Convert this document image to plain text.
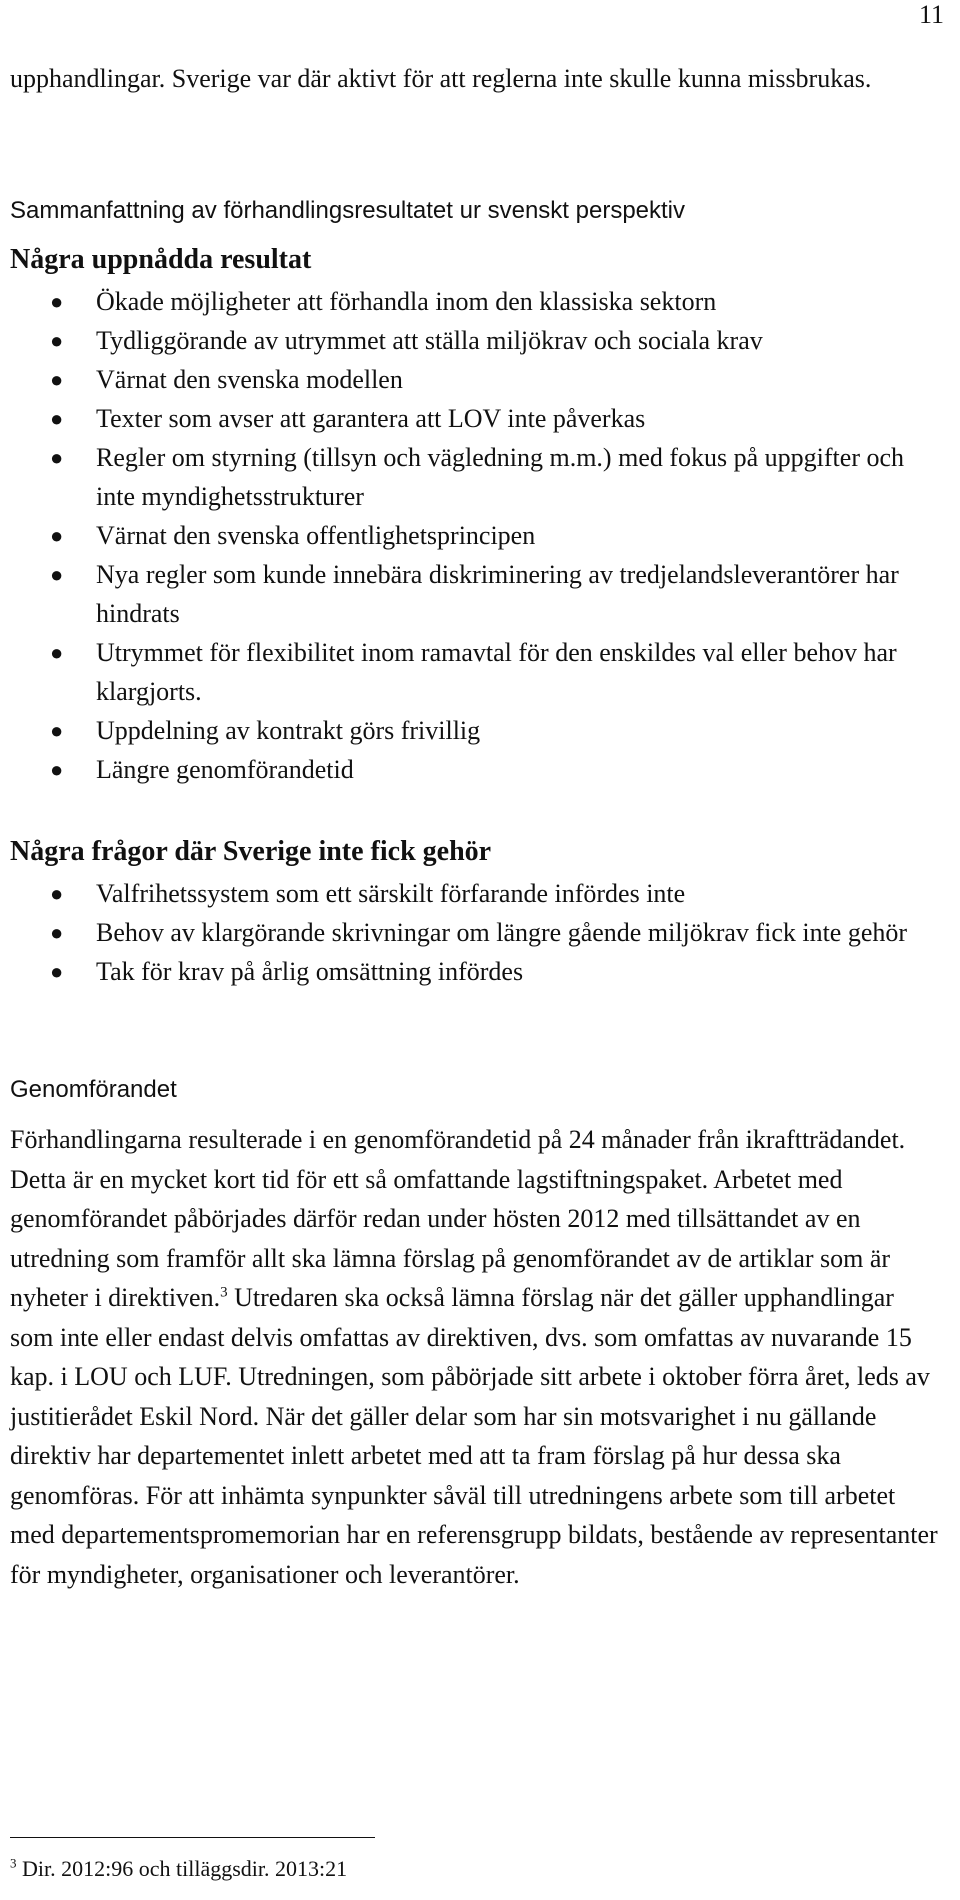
11

upphandlingar. Sverige var där aktivt för att reglerna inte skulle kunna missbrukas.

Sammanfattning av förhandlingsresultatet ur svenskt perspektiv
Några uppnådda resultat
● Ökade möjligheter att förhandla inom den klassiska sektorn
● Tydliggörande av utrymmet att ställa miljökrav och sociala krav
● Värnat den svenska modellen
● Texter som avser att garantera att LOV inte påverkas
● Regler om styrning (tillsyn och vägledning m.m.) med fokus på uppgifter och inte myndighetsstrukturer
● Värnat den svenska offentlighetsprincipen
● Nya regler som kunde innebära diskriminering av tredjelandsleverantörer har hindrats
● Utrymmet för flexibilitet inom ramavtal för den enskildes val eller behov har klargjorts.
● Uppdelning av kontrakt görs frivillig
● Längre genomförandetid
Några frågor där Sverige inte fick gehör
● Valfrihetssystem som ett särskilt förfarande infördes inte
● Behov av klargörande skrivningar om längre gående miljökrav fick inte gehör
● Tak för krav på årlig omsättning infördes
Genomförandet

Förhandlingarna resulterade i en genomförandetid på 24 månader från ikraftträdandet. Detta är en mycket kort tid för ett så omfattande lagstiftningspaket. Arbetet med genomförandet påbörjades därför redan under hösten 2012 med tillsättandet av en utredning som framför allt ska lämna förslag på genomförandet av de artiklar som är nyheter i direktiven.$^3$ Utredaren ska också lämna förslag när det gäller upphandlingar som inte eller endast delvis omfattas av direktiven, dvs. som omfattas av nuvarande 15 kap. i LOU och LUF. Utredningen, som påbörjade sitt arbete i oktober förra året, leds av justitierådet Eskil Nord. När det gäller delar som har sin motsvarighet i nu gällande direktiv har departementet inlett arbetet med att ta fram förslag på hur dessa ska genomföras. För att inhämta synpunkter såväl till utredningens arbete som till arbetet med departementspromemorian har en referensgrupp bildats, bestående av representanter för myndigheter, organisationer och leverantörer.

$^3$ Dir. 2012:96 och tilläggsdir. 2013:21
